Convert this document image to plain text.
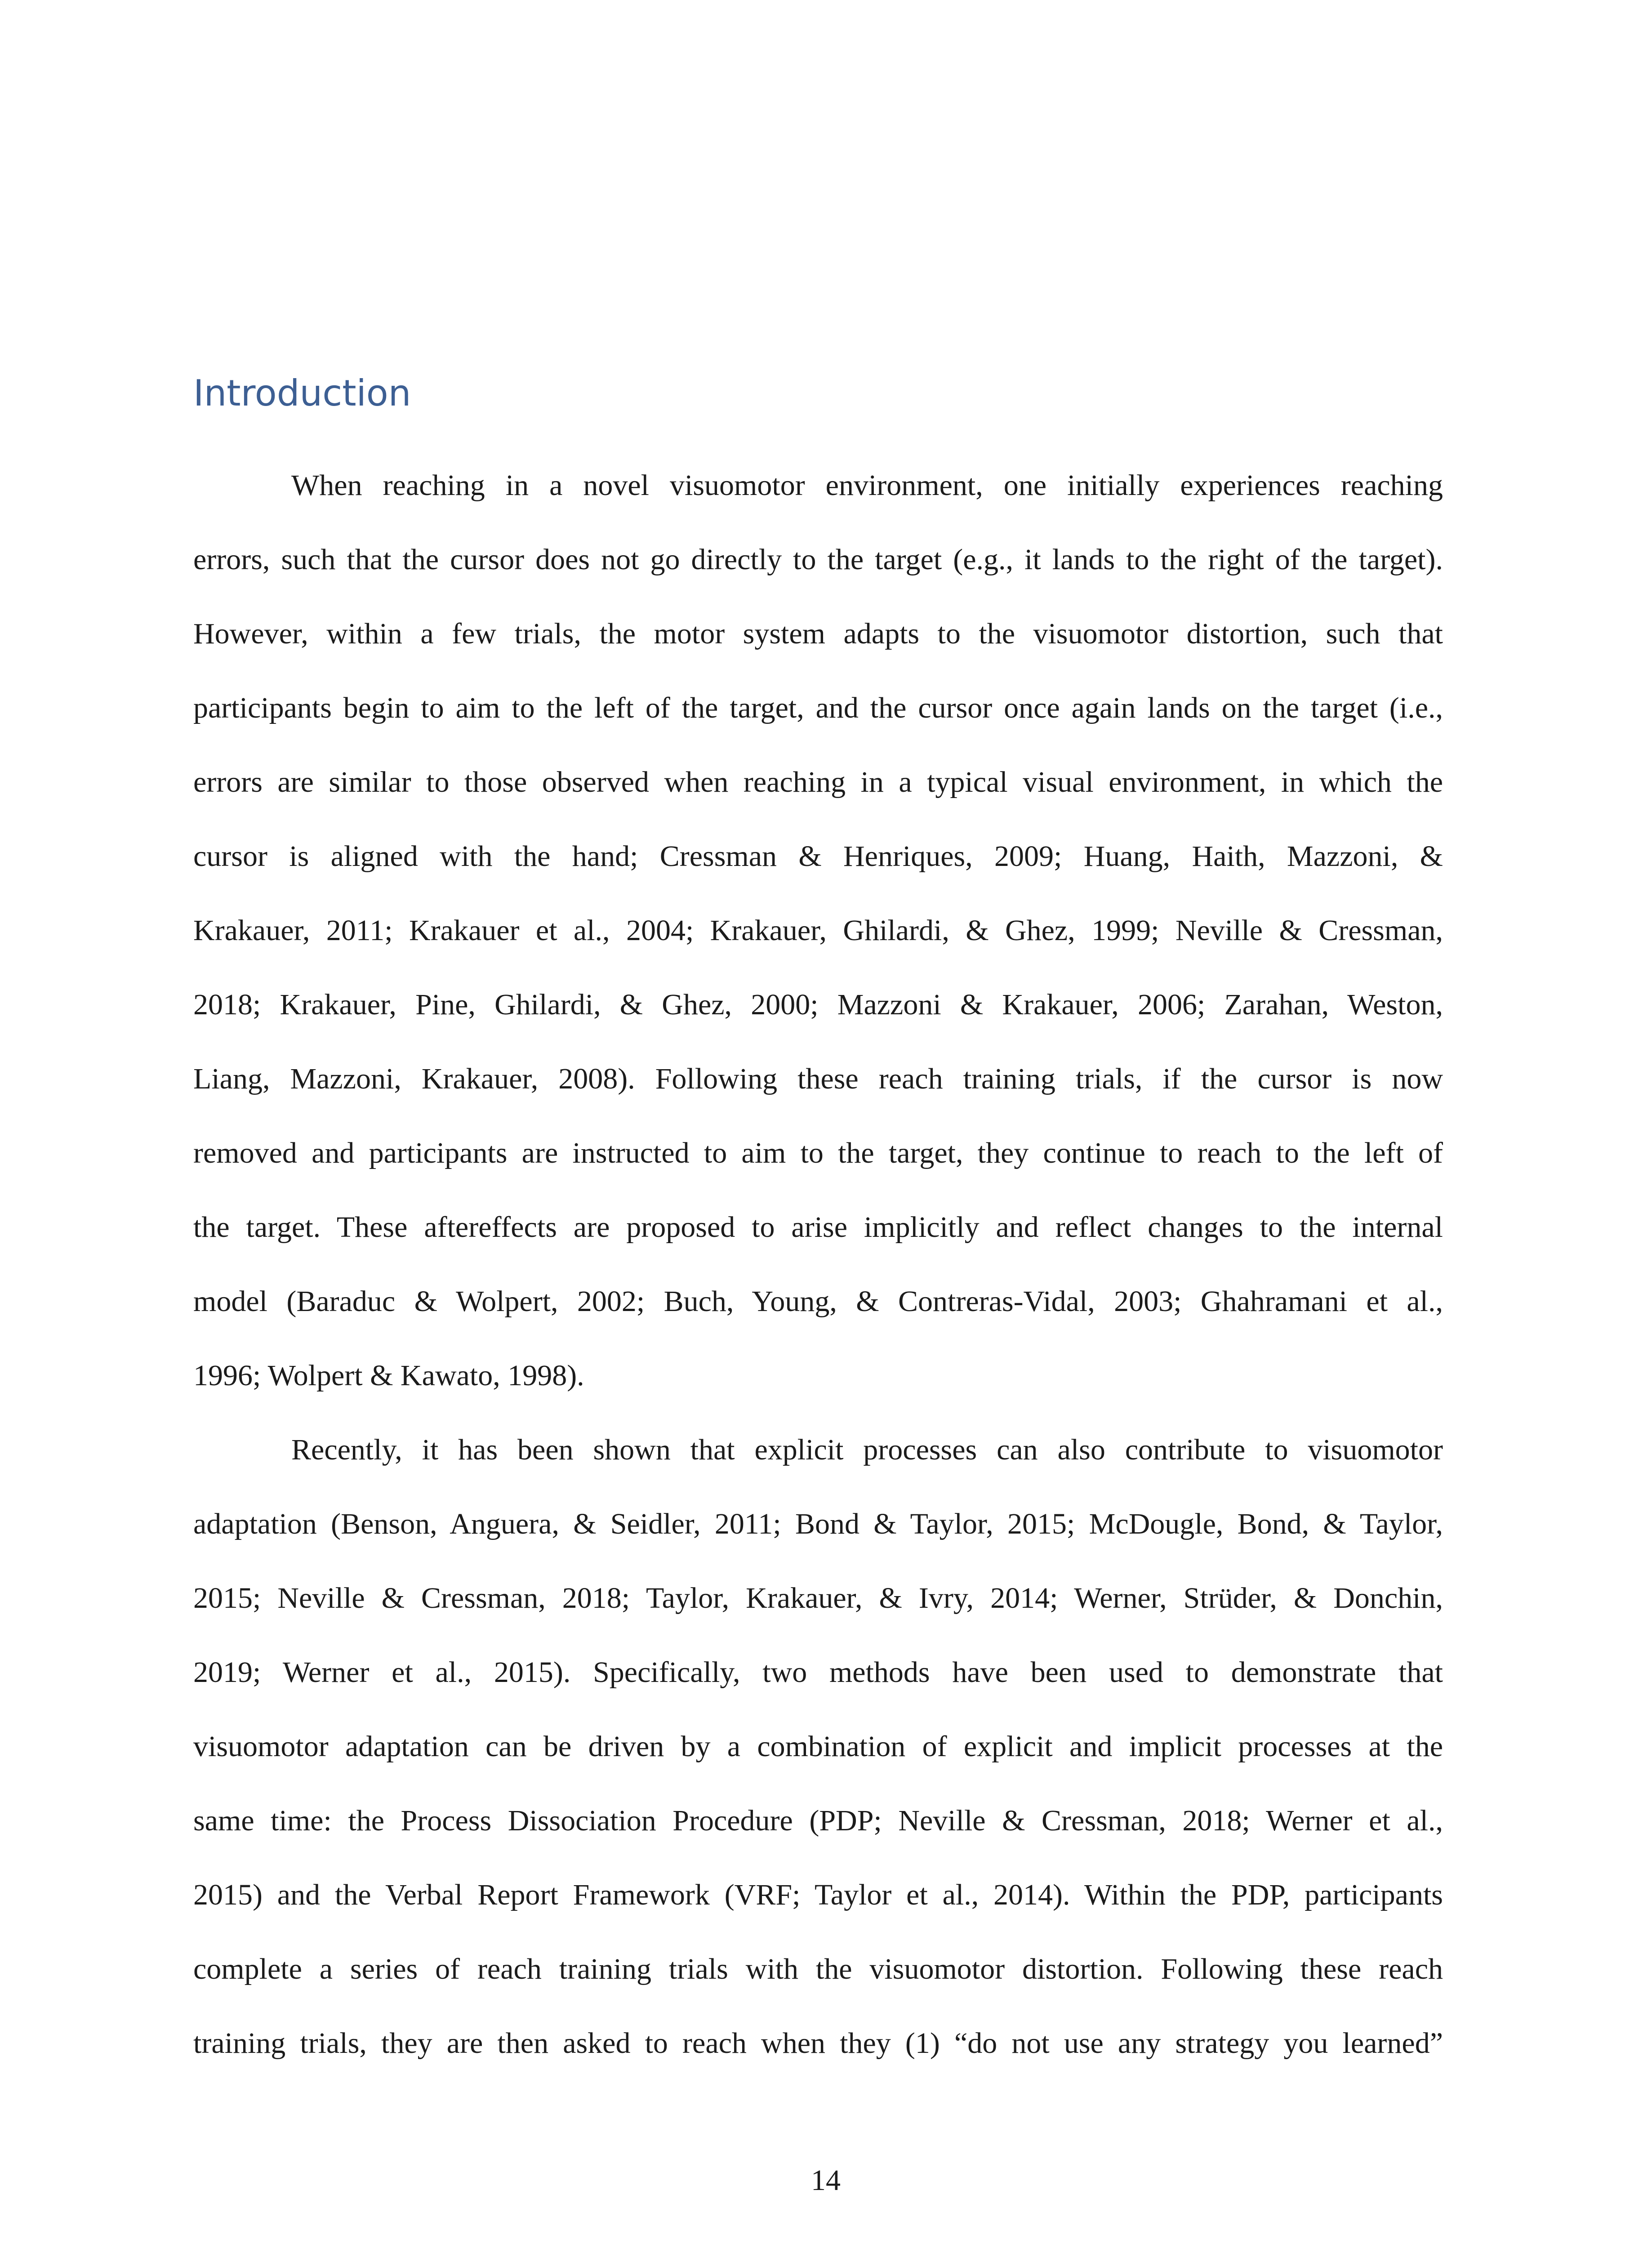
Introduction

When reaching in a novel visuomotor environment, one initially experiences reaching

errors, such that the cursor does not go directly to the target (e.g., it lands to the right of the target).

However, within a few trials, the motor system adapts to the visuomotor distortion, such that

participants begin to aim to the left of the target, and the cursor once again lands on the target (i.e.,

errors are similar to those observed when reaching in a typical visual environment, in which the

cursor is aligned with the hand; Cressman & Henriques, 2009; Huang, Haith, Mazzoni, &

Krakauer, 2011; Krakauer et al., 2004; Krakauer, Ghilardi, & Ghez, 1999; Neville & Cressman,

2018; Krakauer, Pine, Ghilardi, & Ghez, 2000; Mazzoni & Krakauer, 2006; Zarahan, Weston,

Liang, Mazzoni, Krakauer, 2008). Following these reach training trials, if the cursor is now

removed and participants are instructed to aim to the target, they continue to reach to the left of

the target. These aftereffects are proposed to arise implicitly and reflect changes to the internal

model (Baraduc & Wolpert, 2002; Buch, Young, & Contreras-Vidal, 2003; Ghahramani et al.,

1996; Wolpert & Kawato, 1998).

Recently, it has been shown that explicit processes can also contribute to visuomotor

adaptation (Benson, Anguera, & Seidler, 2011; Bond & Taylor, 2015; McDougle, Bond, & Taylor,

2015; Neville & Cressman, 2018; Taylor, Krakauer, & Ivry, 2014; Werner, Strüder, & Donchin,

2019; Werner et al., 2015). Specifically, two methods have been used to demonstrate that

visuomotor adaptation can be driven by a combination of explicit and implicit processes at the

same time: the Process Dissociation Procedure (PDP; Neville & Cressman, 2018; Werner et al.,

2015) and the Verbal Report Framework (VRF; Taylor et al., 2014). Within the PDP, participants

complete a series of reach training trials with the visuomotor distortion. Following these reach

training trials, they are then asked to reach when they (1) “do not use any strategy you learned”

14
